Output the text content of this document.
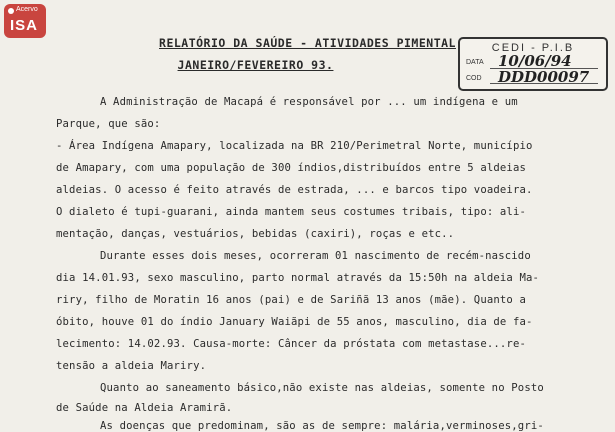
Acervo
ISA
RELATÓRIO DA SAÚDE - ATIVIDADES PIMENTAL
JANEIRO/FEVEREIRO 93.
CEDI - P.I.B
DATA 10/06/94
COD DDD00097
A Administração de Macapá é responsável por ... um indígena e um
Parque, que são:
- Área Indígena Amapary, localizada na BR 210/Perimetral Norte, município
de Amapary, com uma população de 300 índios,distribuídos entre 5 aldeias
aldeias. O acesso é feito através de estrada, ... e barcos tipo voadeira.
O dialeto é tupi-guarani, ainda mantem seus costumes tribais, tipo: ali-
mentação, danças, vestuários, bebidas (caxiri), roças e etc..
Durante esses dois meses, ocorreram 01 nascimento de recém-nascido
dia 14.01.93, sexo masculino, parto normal através da 15:50h na aldeia Ma-
riry, filho de Moratin 16 anos (pai) e de Sariñã 13 anos (mãe). Quanto a
óbito, houve 01 do índio January Waiãpi de 55 anos, masculino, dia de fa-
lecimento: 14.02.93. Causa-morte: Câncer da próstata com metastase...re-
tensão a aldeia Mariry.
Quanto ao saneamento básico,não existe nas aldeias, somente no Posto
de Saúde na Aldeia Aramirã.
As doenças que predominam, são as de sempre: malária,verminoses,gri-
